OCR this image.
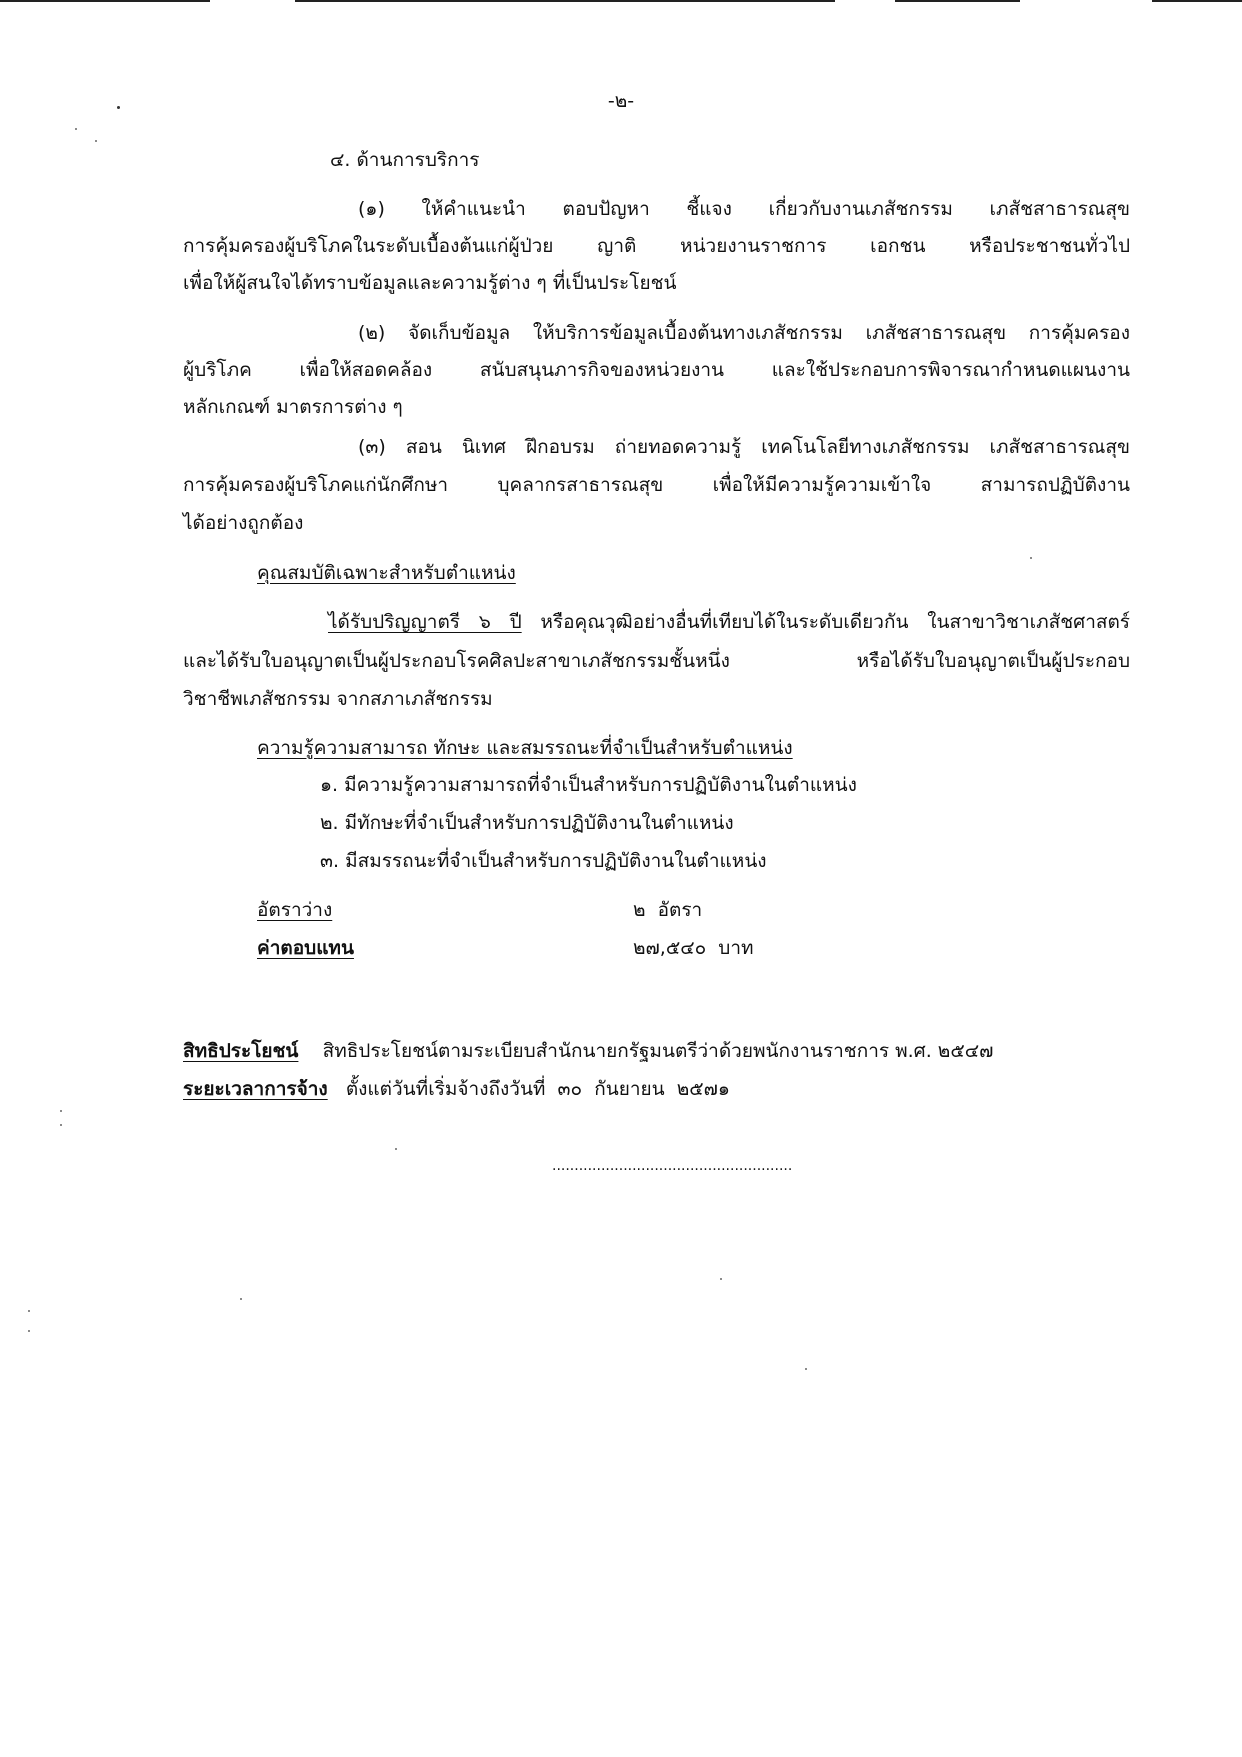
-๒-
๔. ด้านการบริการ
(๑) ให้คำแนะนำ ตอบปัญหา ชี้แจง เกี่ยวกับงานเภสัชกรรม เภสัชสาธารณสุข
การคุ้มครองผู้บริโภคในระดับเบื้องต้นแก่ผู้ป่วย ญาติ หน่วยงานราชการ เอกชน หรือประชาชนทั่วไป
เพื่อให้ผู้สนใจได้ทราบข้อมูลและความรู้ต่าง ๆ ที่เป็นประโยชน์
(๒) จัดเก็บข้อมูล ให้บริการข้อมูลเบื้องต้นทางเภสัชกรรม เภสัชสาธารณสุข การคุ้มครอง
ผู้บริโภค เพื่อให้สอดคล้อง สนับสนุนภารกิจของหน่วยงาน และใช้ประกอบการพิจารณากำหนดแผนงาน
หลักเกณฑ์ มาตรการต่าง ๆ
(๓) สอน นิเทศ ฝึกอบรม ถ่ายทอดความรู้ เทคโนโลยีทางเภสัชกรรม เภสัชสาธารณสุข
การคุ้มครองผู้บริโภคแก่นักศึกษา บุคลากรสาธารณสุข เพื่อให้มีความรู้ความเข้าใจ สามารถปฏิบัติงาน
ได้อย่างถูกต้อง
คุณสมบัติเฉพาะสำหรับตำแหน่ง
ได้รับปริญญาตรี ๖ ปี หรือคุณวุฒิอย่างอื่นที่เทียบได้ในระดับเดียวกัน ในสาขาวิชาเภสัชศาสตร์
และได้รับใบอนุญาตเป็นผู้ประกอบโรคศิลปะสาขาเภสัชกรรมชั้นหนึ่ง หรือได้รับใบอนุญาตเป็นผู้ประกอบ
วิชาชีพเภสัชกรรม จากสภาเภสัชกรรม
ความรู้ความสามารถ ทักษะ และสมรรถนะที่จำเป็นสำหรับตำแหน่ง
๑. มีความรู้ความสามารถที่จำเป็นสำหรับการปฏิบัติงานในตำแหน่ง
๒. มีทักษะที่จำเป็นสำหรับการปฏิบัติงานในตำแหน่ง
๓. มีสมรรถนะที่จำเป็นสำหรับการปฏิบัติงานในตำแหน่ง
อัตราว่าง	๒  อัตรา
ค่าตอบแทน	๒๗,๕๔๐  บาท
สิทธิประโยชน์ สิทธิประโยชน์ตามระเบียบสำนักนายกรัฐมนตรีว่าด้วยพนักงานราชการ พ.ศ. ๒๕๔๗
ระยะเวลาการจ้าง ตั้งแต่วันที่เริ่มจ้างถึงวันที่  ๓๐  กันยายน  ๒๕๗๑
......................................................
